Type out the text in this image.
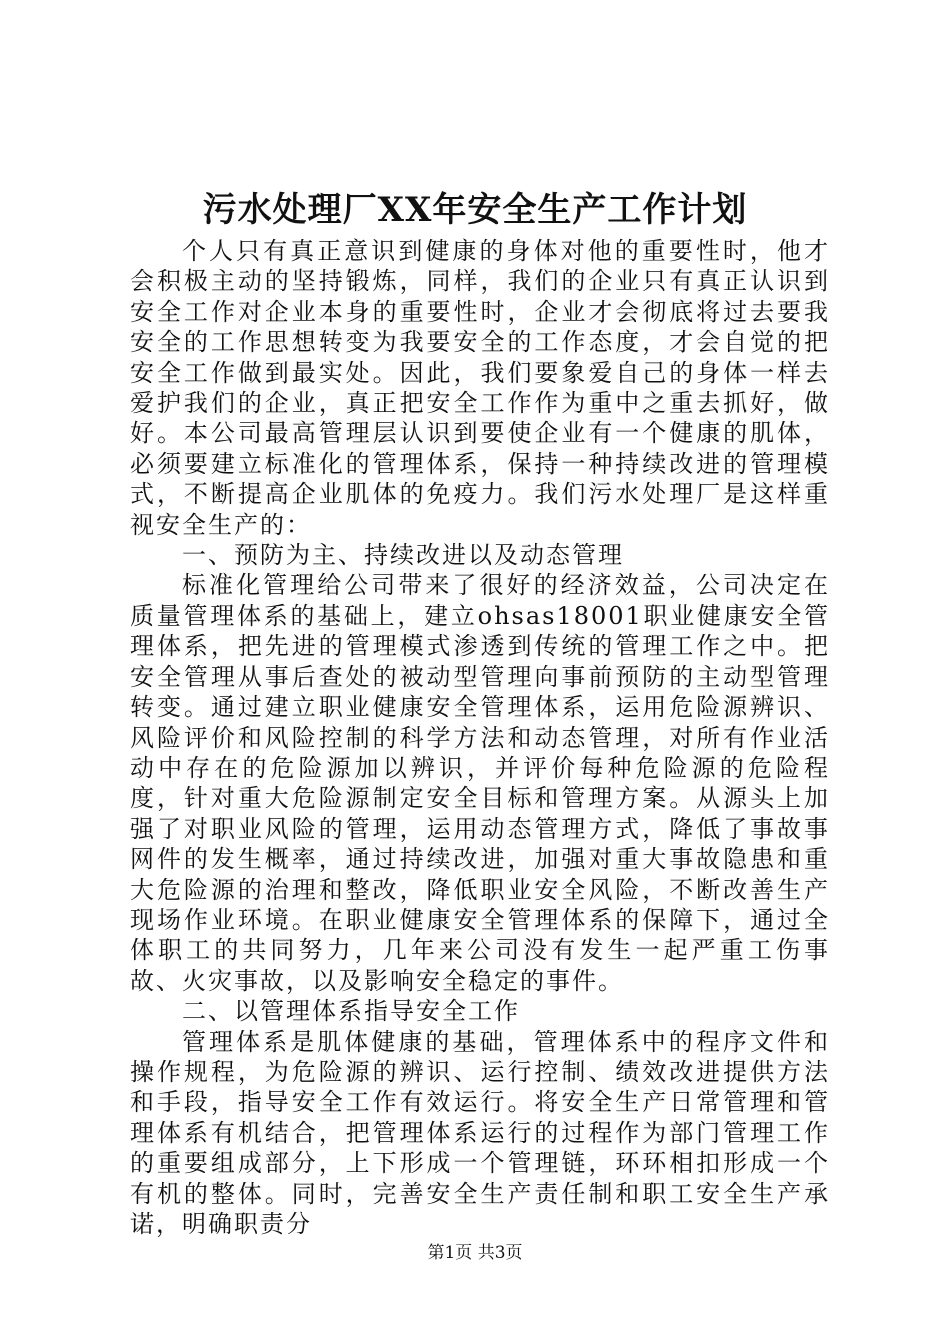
污水处理厂XX年安全生产工作计划

个人只有真正意识到健康的身体对他的重要性时，他才会积极主动的坚持锻炼，同样，我们的企业只有真正认识到安全工作对企业本身的重要性时，企业才会彻底将过去要我安全的工作思想转变为我要安全的工作态度，才会自觉的把安全工作做到最实处。因此，我们要象爱自己的身体一样去爱护我们的企业，真正把安全工作作为重中之重去抓好，做好。本公司最高管理层认识到要使企业有一个健康的肌体，必须要建立标准化的管理体系，保持一种持续改进的管理模式，不断提高企业肌体的免疫力。我们污水处理厂是这样重视安全生产的：

一、预防为主、持续改进以及动态管理

标准化管理给公司带来了很好的经济效益，公司决定在质量管理体系的基础上，建立ohsas18001职业健康安全管理体系，把先进的管理模式渗透到传统的管理工作之中。把安全管理从事后查处的被动型管理向事前预防的主动型管理转变。通过建立职业健康安全管理体系，运用危险源辨识、风险评价和风险控制的科学方法和动态管理，对所有作业活动中存在的危险源加以辨识，并评价每种危险源的危险程度，针对重大危险源制定安全目标和管理方案。从源头上加强了对职业风险的管理，运用动态管理方式，降低了事故事网件的发生概率，通过持续改进，加强对重大事故隐患和重大危险源的治理和整改，降低职业安全风险，不断改善生产现场作业环境。在职业健康安全管理体系的保障下，通过全体职工的共同努力，几年来公司没有发生一起严重工伤事故、火灾事故，以及影响安全稳定的事件。

二、以管理体系指导安全工作

管理体系是肌体健康的基础，管理体系中的程序文件和操作规程，为危险源的辨识、运行控制、绩效改进提供方法和手段，指导安全工作有效运行。将安全生产日常管理和管理体系有机结合，把管理体系运行的过程作为部门管理工作的重要组成部分，上下形成一个管理链，环环相扣形成一个有机的整体。同时，完善安全生产责任制和职工安全生产承诺，明确职责分

第1页 共3页
